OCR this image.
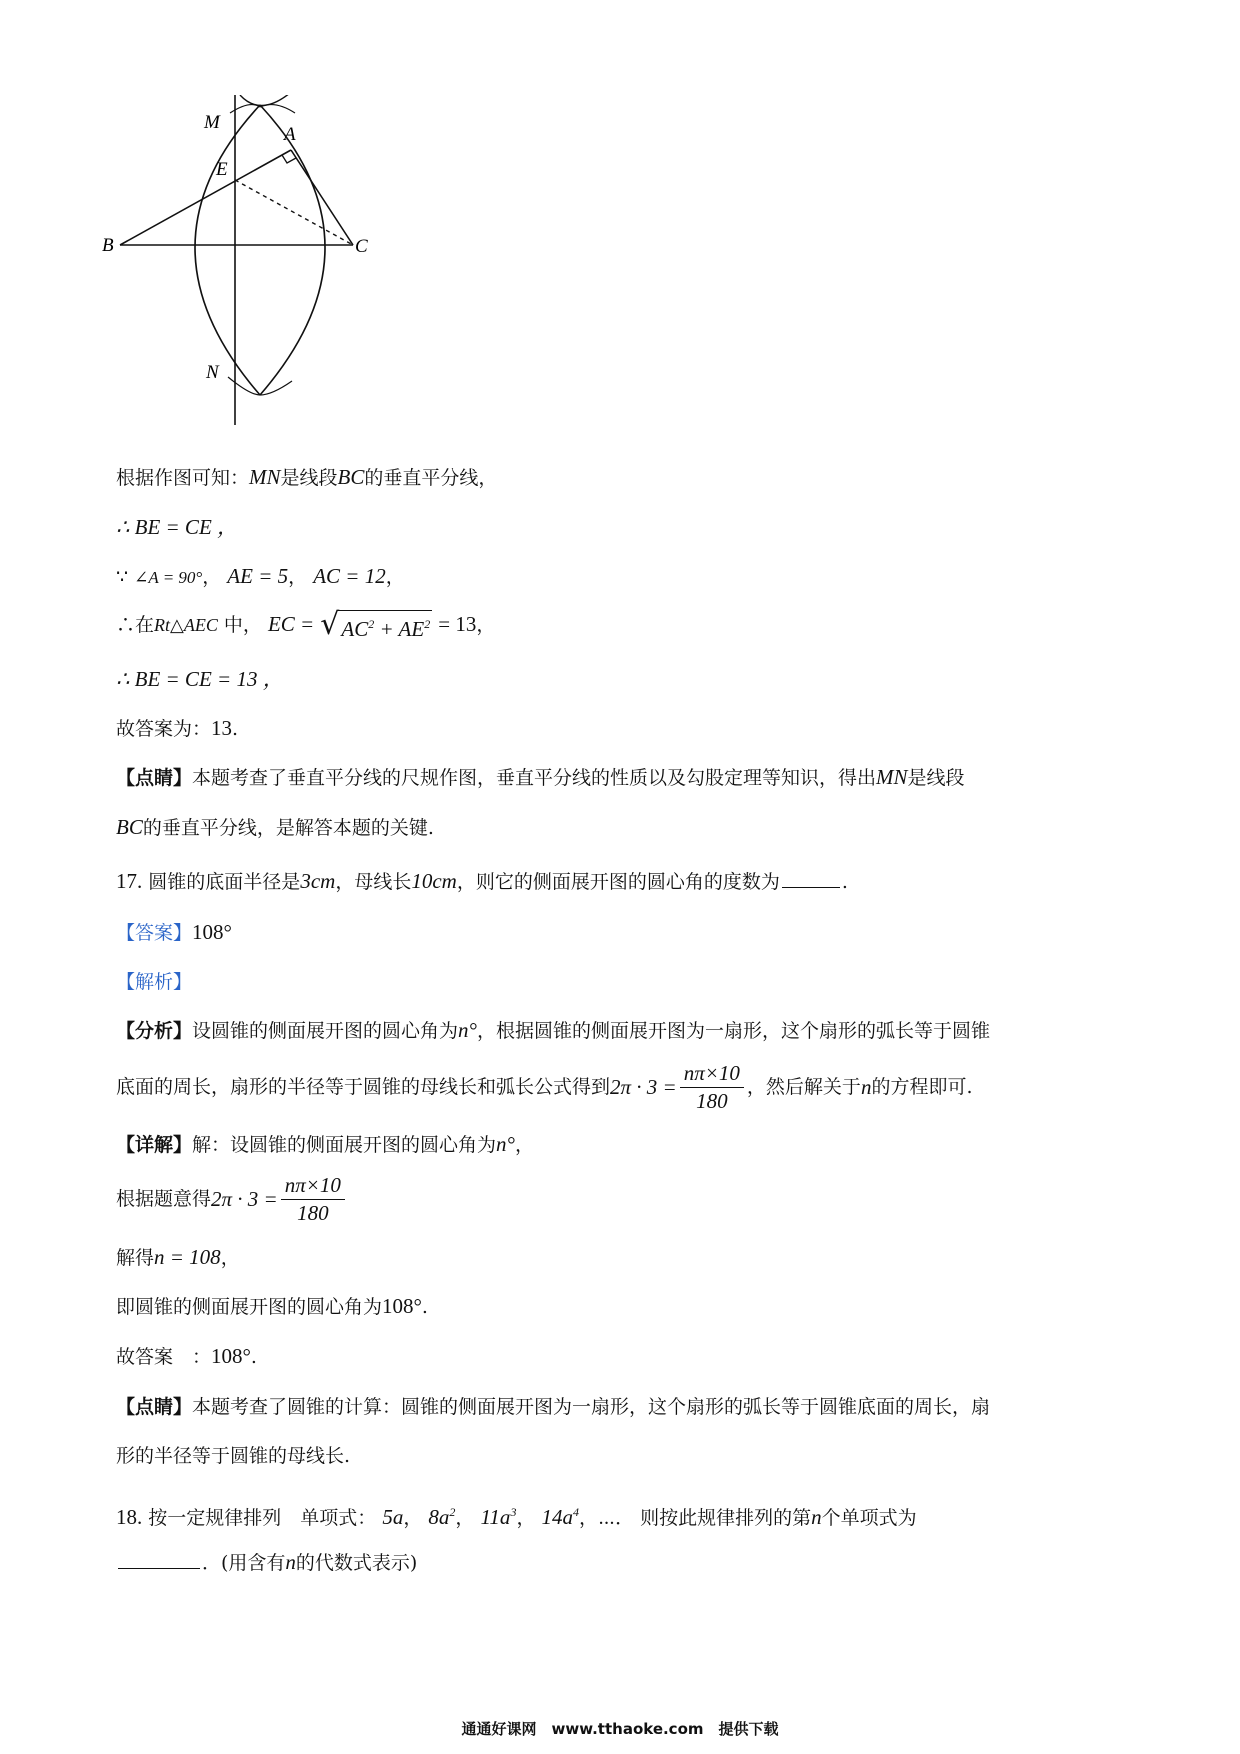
M
A
E
B	C
N
根据作图可知：MN是线段BC的垂直平分线，
∴ BE = CE ，
∵ ∠A = 90°， AE = 5， AC = 12，
∴在Rt△AEC 中， EC = √ $AC^2 + AE^2 = 13$，
∴ BE = CE = 13 ，
故答案为：13.
【点睛】本题考查了垂直平分线的尺规作图，垂直平分线的性质以及勾股定理等知识，得出MN是线段
BC的垂直平分线，是解答本题的关键.
17. 圆锥的底面半径是3cm，母线长10cm，则它的侧面展开图的圆心角的度数为	.
【答案】108°
【解析】
【分析】设圆锥的侧面展开图的圆心角为n°，根据圆锥的侧面展开图为一扇形，这个扇形的弧长等于圆锥
底面的周长，扇形的半径等于圆锥的母线长和弧长公式得到 $2\pi \cdot 3 = \frac{n\pi\times 10}{180}$ ，然后解关于 n 的方程即可.
【详解】解：设圆锥的侧面展开图的圆心角为n°，
根据题意得 $2\pi \cdot 3 = \frac{n\pi\times 10}{180}$
解得n = 108，
即圆锥的侧面展开图的圆心角为108°.
故答案　：108°.
【点睛】本题考查了圆锥的计算：圆锥的侧面展开图为一扇形，这个扇形的弧长等于圆锥底面的周长，扇
形的半径等于圆锥的母线长.
18. 按一定规律排列　单项式： 5a， $8a^2$， $11a^3$， $14a^4$，⋯． 则按此规律排列的第n个单项式为
．(用含有n的代数式表示)
通通好课网　www.tthaoke.com　提供下载
